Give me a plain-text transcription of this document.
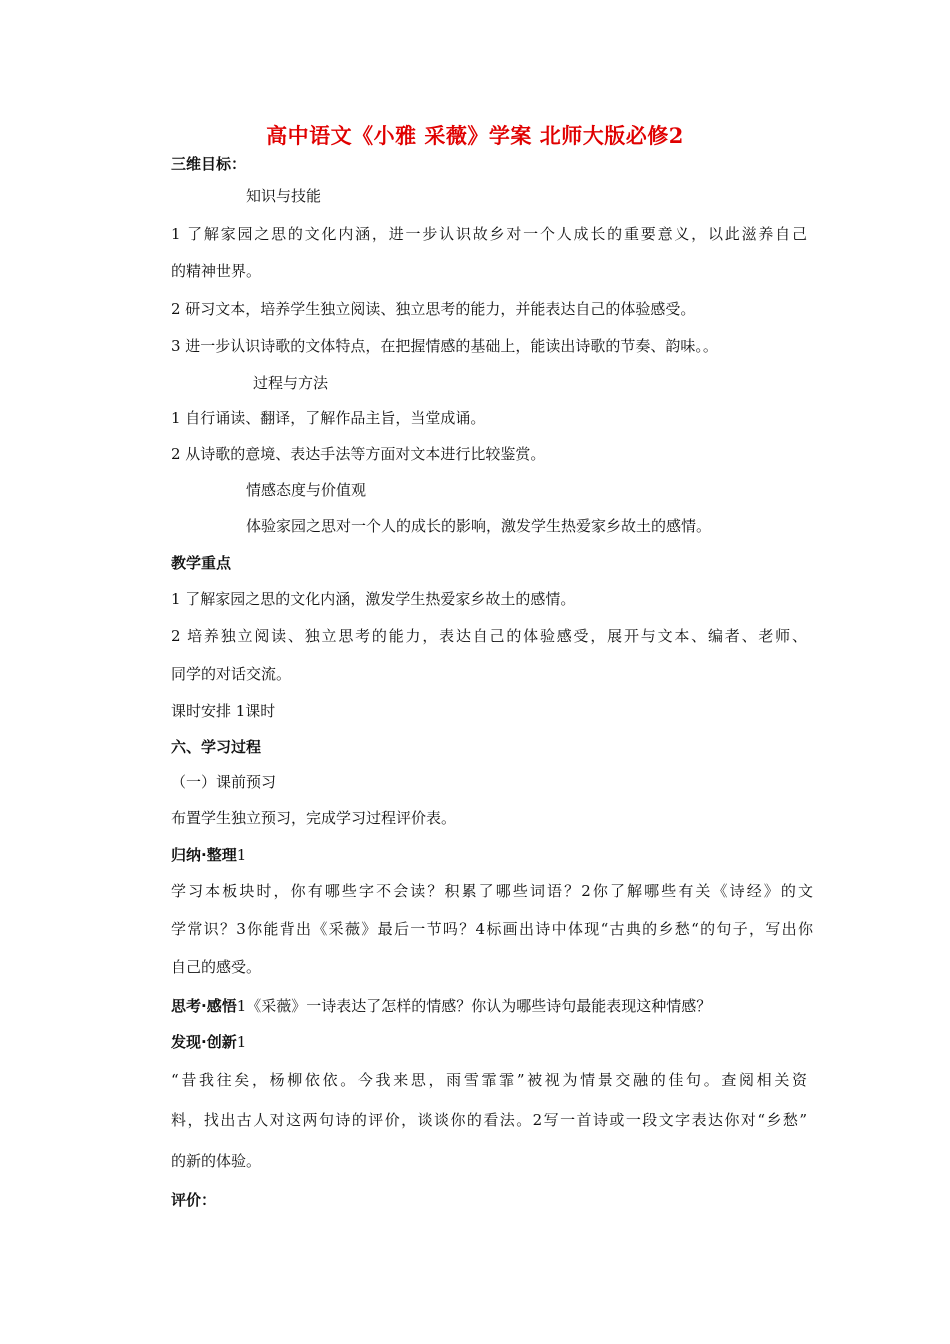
高中语文《小雅 采薇》学案 北师大版必修2
三维目标：
知识与技能
1 了解家园之思的文化内涵，进一步认识故乡对一个人成长的重要意义，以此滋养自己
的精神世界。
2 研习文本，培养学生独立阅读、独立思考的能力，并能表达自己的体验感受。
3 进一步认识诗歌的文体特点，在把握情感的基础上，能读出诗歌的节奏、韵味。。
过程与方法
1 自行诵读、翻译，了解作品主旨，当堂成诵。
2 从诗歌的意境、表达手法等方面对文本进行比较鉴赏。
情感态度与价值观
体验家园之思对一个人的成长的影响，激发学生热爱家乡故土的感情。
教学重点
1 了解家园之思的文化内涵，激发学生热爱家乡故土的感情。
2 培养独立阅读、独立思考的能力，表达自己的体验感受，展开与文本、编者、老师、
同学的对话交流。
课时安排 1课时
六、学习过程
（一）课前预习
布置学生独立预习，完成学习过程评价表。
归纳·整理1
学习本板块时，你有哪些字不会读？积累了哪些词语？2你了解哪些有关《诗经》的文
学常识？3你能背出《采薇》最后一节吗？4标画出诗中体现“古典的乡愁“的句子，写出你
自己的感受。
思考·感悟1《采薇》一诗表达了怎样的情感？你认为哪些诗句最能表现这种情感？
发现·创新1
“昔我往矣，杨柳依依。今我来思，雨雪霏霏”被视为情景交融的佳句。查阅相关资
料，找出古人对这两句诗的评价，谈谈你的看法。2写一首诗或一段文字表达你对“乡愁”
的新的体验。
评价：
